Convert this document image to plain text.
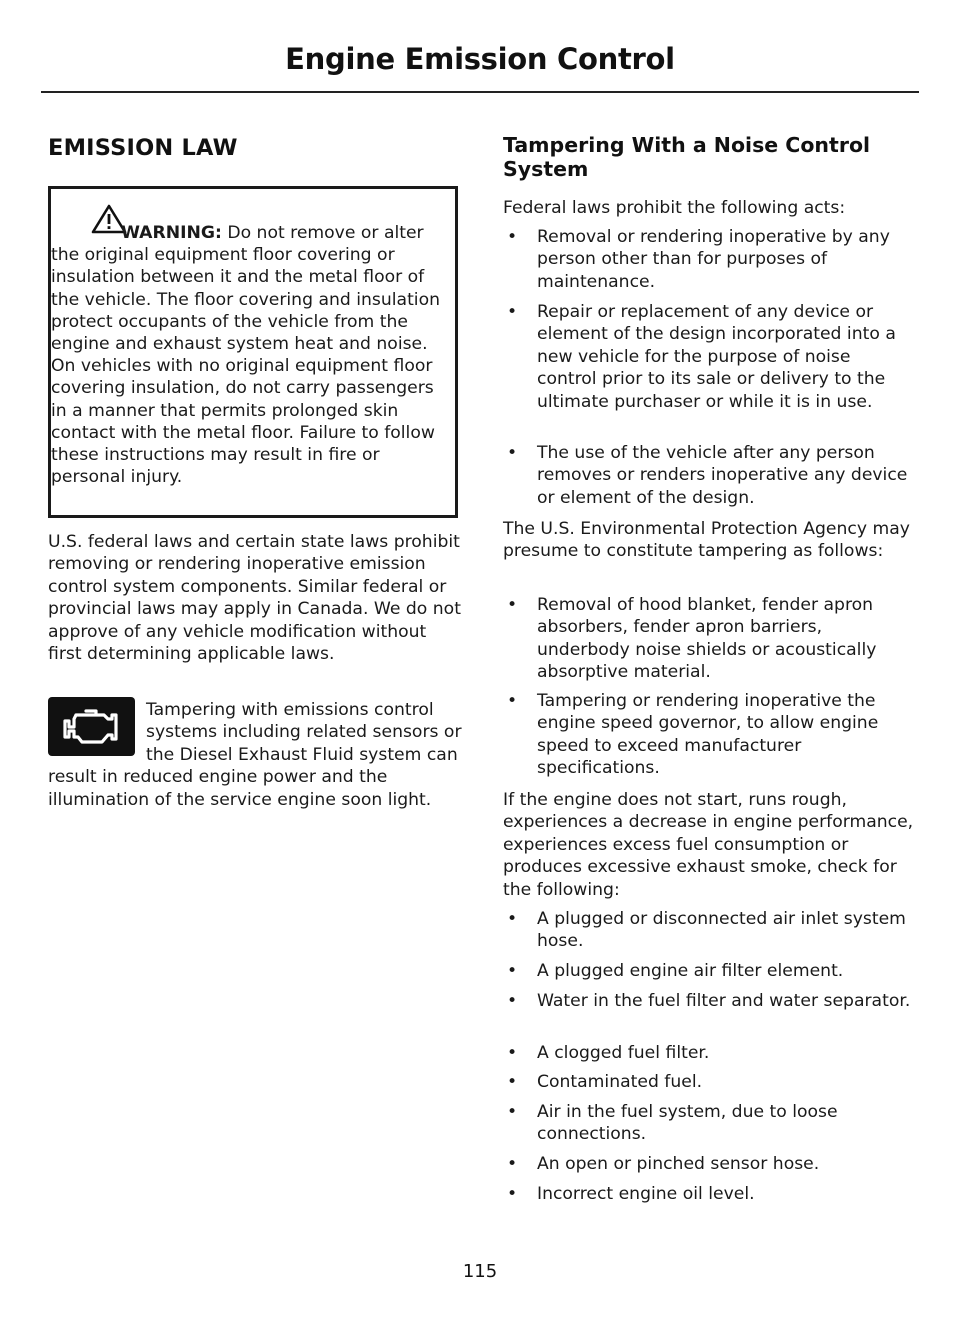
Engine Emission Control
EMISSION LAW
WARNING: Do not remove or alter the original equipment floor covering or insulation between it and the metal floor of the vehicle. The floor covering and insulation protect occupants of the vehicle from the engine and exhaust system heat and noise. On vehicles with no original equipment floor covering insulation, do not carry passengers in a manner that permits prolonged skin contact with the metal floor. Failure to follow these instructions may result in fire or personal injury.
U.S. federal laws and certain state laws prohibit removing or rendering inoperative emission control system components. Similar federal or provincial laws may apply in Canada. We do not approve of any vehicle modification without first determining applicable laws.
Tampering with emissions control systems including related sensors or the Diesel Exhaust Fluid system can result in reduced engine power and the illumination of the service engine soon light.
Tampering With a Noise Control System
Federal laws prohibit the following acts:
• Removal or rendering inoperative by any person other than for purposes of maintenance.
• Repair or replacement of any device or element of the design incorporated into a new vehicle for the purpose of noise control prior to its sale or delivery to the ultimate purchaser or while it is in use.
• The use of the vehicle after any person removes or renders inoperative any device or element of the design.
The U.S. Environmental Protection Agency may presume to constitute tampering as follows:
• Removal of hood blanket, fender apron absorbers, fender apron barriers, underbody noise shields or acoustically absorptive material.
• Tampering or rendering inoperative the engine speed governor, to allow engine speed to exceed manufacturer specifications.
If the engine does not start, runs rough, experiences a decrease in engine performance, experiences excess fuel consumption or produces excessive exhaust smoke, check for the following:
• A plugged or disconnected air inlet system hose.
• A plugged engine air filter element.
• Water in the fuel filter and water separator.
• A clogged fuel filter.
• Contaminated fuel.
• Air in the fuel system, due to loose connections.
• An open or pinched sensor hose.
• Incorrect engine oil level.
115
